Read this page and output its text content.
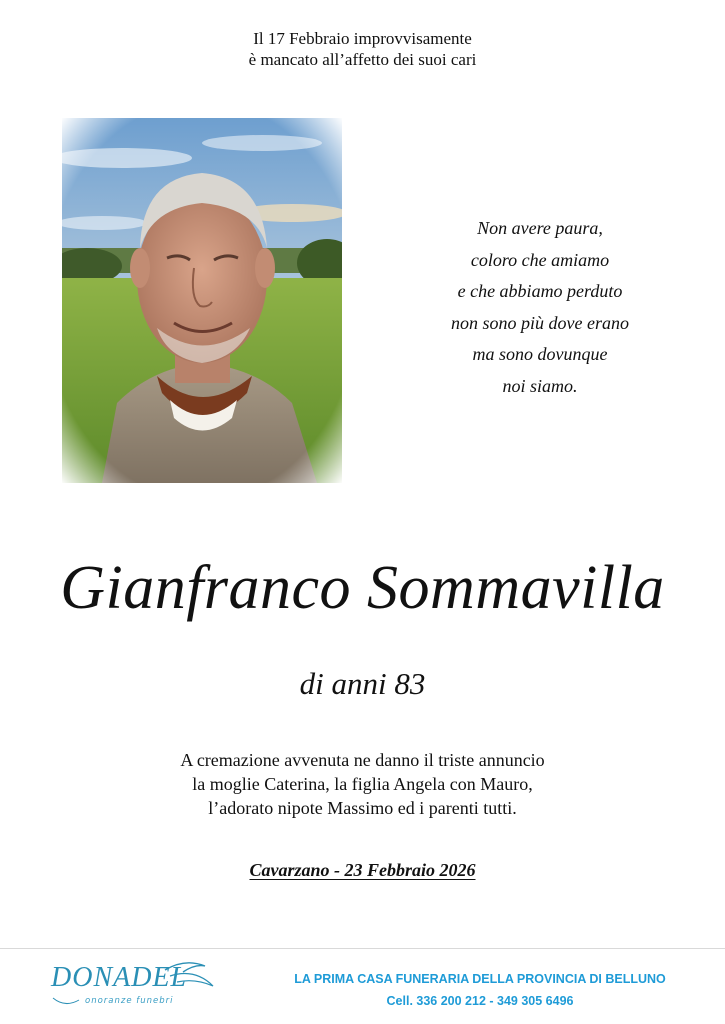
Il 17 Febbraio improvvisamente
è mancato all’affetto dei suoi cari
Non avere paura,
coloro che amiamo
e che abbiamo perduto
non sono più dove erano
ma sono dovunque
noi siamo.
Gianfranco Sommavilla
di anni 83
A cremazione avvenuta ne danno il triste annuncio
la moglie Caterina, la figlia Angela con Mauro,
l’adorato nipote Massimo ed i parenti tutti.
Cavarzano - 23 Febbraio 2026
DONADEL
onoranze funebri
LA PRIMA CASA FUNERARIA DELLA PROVINCIA DI BELLUNO
Cell. 336 200 212 - 349 305 6496
